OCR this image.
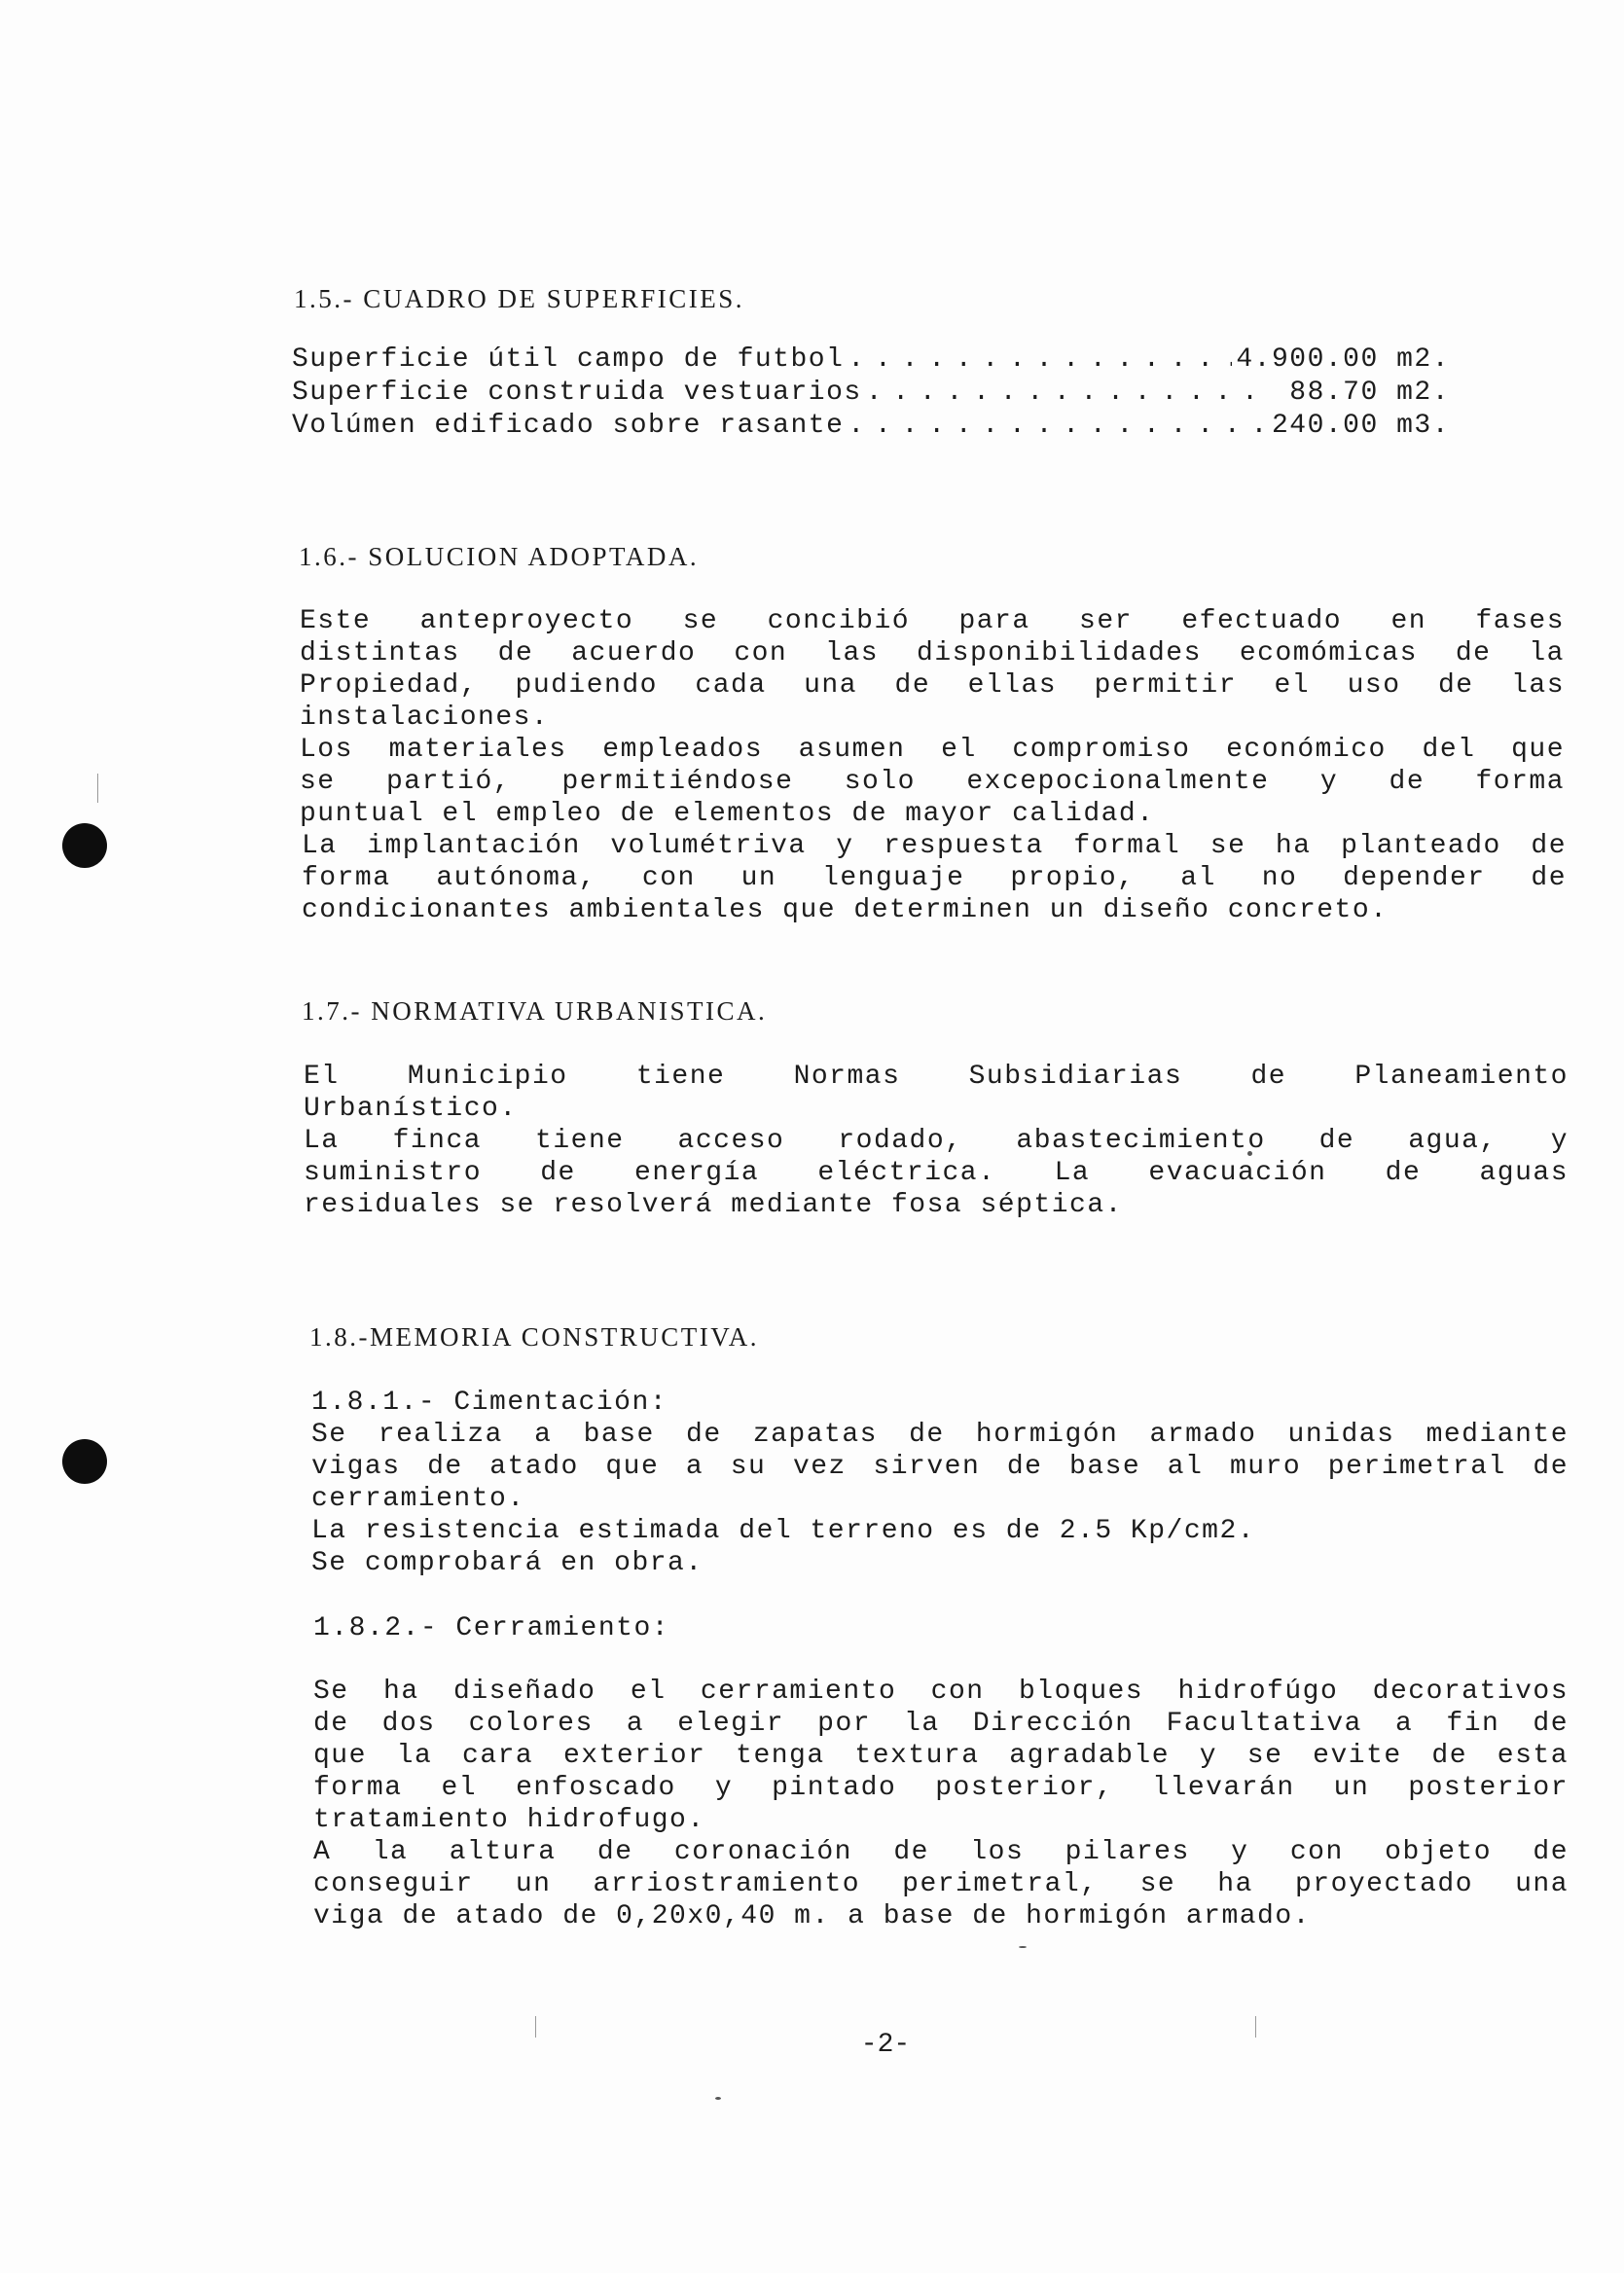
1.5.- CUADRO DE SUPERFICIES.
Superficie útil campo de futbol . . .	4.900.00 m2.
Superficie construida vestuarios . . .	88.70 m2.
Volúmen edificado sobre rasante . . .	240.00 m3.
1.6.- SOLUCION ADOPTADA.
Este anteproyecto se concibió para ser efectuado en fases
distintas de acuerdo con las disponibilidades ecomómicas de la
Propiedad, pudiendo cada una de ellas permitir el uso de las
instalaciones.
Los materiales empleados asumen el compromiso económico del que
se partió, permitiéndose solo excepocionalmente y de forma
puntual el empleo de elementos de mayor calidad.
La implantación volumétriva y respuesta formal se ha planteado de
forma autónoma, con un lenguaje propio, al no depender de
condicionantes ambientales que determinen un diseño concreto.
1.7.- NORMATIVA URBANISTICA.
El Municipio tiene Normas Subsidiarias de Planeamiento
Urbanístico.
La finca tiene acceso rodado, abastecimiento de agua, y
suministro de energía eléctrica. La evacuación de aguas
residuales se resolverá mediante fosa séptica.
1.8.-MEMORIA CONSTRUCTIVA.
1.8.1.- Cimentación:
Se realiza a base de zapatas de hormigón armado unidas mediante
vigas de atado que a su vez sirven de base al muro perimetral de
cerramiento.
La resistencia estimada del terreno es de 2.5 Kp/cm2.
Se comprobará en obra.
1.8.2.- Cerramiento:
Se ha diseñado el cerramiento con bloques hidrofúgo decorativos
de dos colores a elegir por la Dirección Facultativa a fin de
que la cara exterior tenga textura agradable y se evite de esta
forma el enfoscado y pintado posterior, llevarán un posterior
tratamiento hidrofugo.
A la altura de coronación de los pilares y con objeto de
conseguir un arriostramiento perimetral, se ha proyectado una
viga de atado de 0,20x0,40 m. a base de hormigón armado.
-2-
